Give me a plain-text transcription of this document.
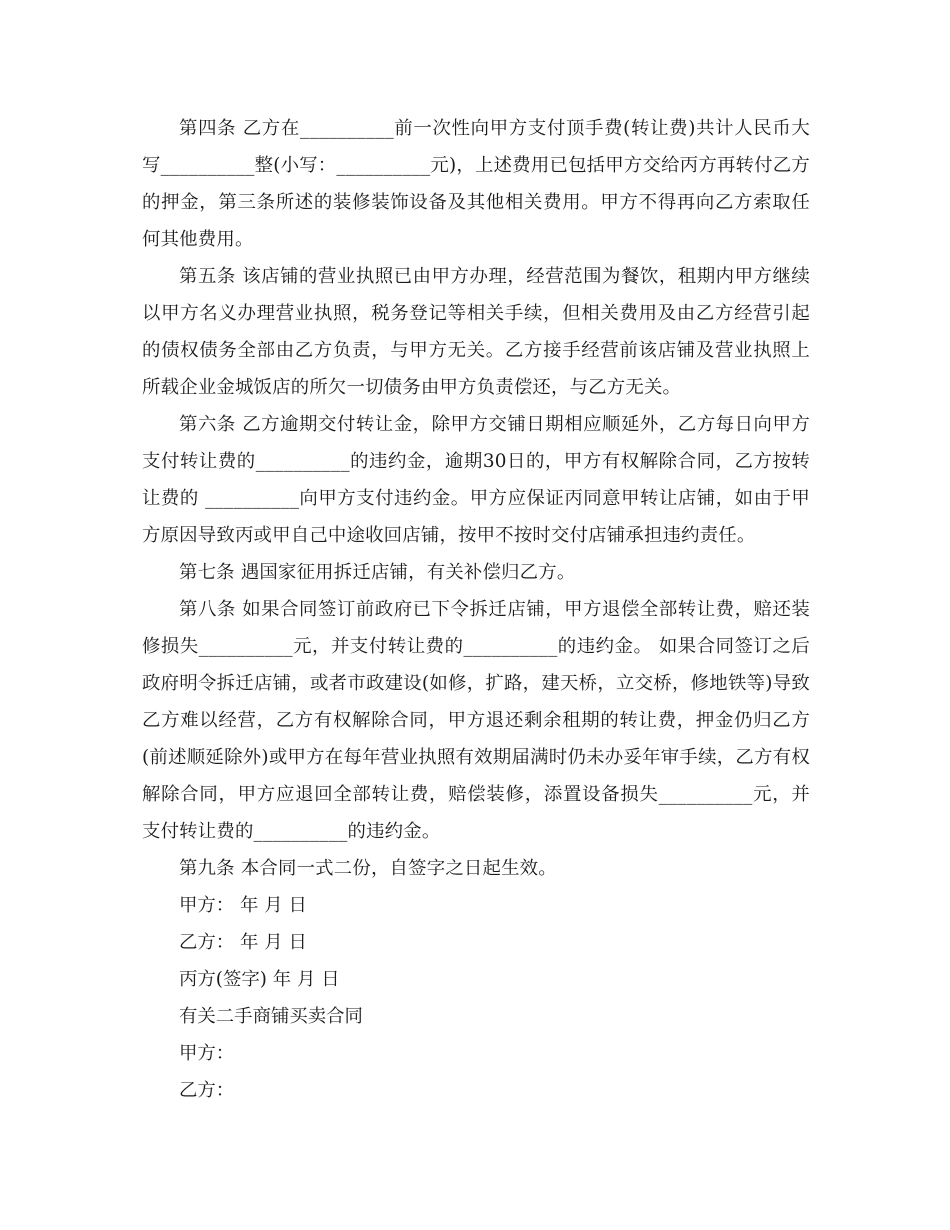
第四条 乙方在__________前一次性向甲方支付顶手费(转让费)共计人民币大写__________整(小写：__________元)，上述费用已包括甲方交给丙方再转付乙方的押金，第三条所述的装修装饰设备及其他相关费用。甲方不得再向乙方索取任何其他费用。

第五条 该店铺的营业执照已由甲方办理，经营范围为餐饮，租期内甲方继续以甲方名义办理营业执照，税务登记等相关手续，但相关费用及由乙方经营引起的债权债务全部由乙方负责，与甲方无关。乙方接手经营前该店铺及营业执照上所载企业金城饭店的所欠一切债务由甲方负责偿还，与乙方无关。

第六条 乙方逾期交付转让金，除甲方交铺日期相应顺延外，乙方每日向甲方支付转让费的__________的违约金，逾期30日的，甲方有权解除合同，乙方按转让费的 __________向甲方支付违约金。甲方应保证丙同意甲转让店铺，如由于甲方原因导致丙或甲自己中途收回店铺，按甲不按时交付店铺承担违约责任。

第七条 遇国家征用拆迁店铺，有关补偿归乙方。

第八条 如果合同签订前政府已下令拆迁店铺，甲方退偿全部转让费，赔还装修损失__________元，并支付转让费的__________的违约金。 如果合同签订之后政府明令拆迁店铺，或者市政建设(如修，扩路，建天桥，立交桥，修地铁等)导致乙方难以经营，乙方有权解除合同，甲方退还剩余租期的转让费，押金仍归乙方(前述顺延除外)或甲方在每年营业执照有效期届满时仍未办妥年审手续，乙方有权解除合同，甲方应退回全部转让费，赔偿装修，添置设备损失__________元，并支付转让费的__________的违约金。

第九条 本合同一式二份，自签字之日起生效。

甲方： 年 月 日

乙方： 年 月 日

丙方(签字) 年 月 日

有关二手商铺买卖合同

甲方：

乙方：
